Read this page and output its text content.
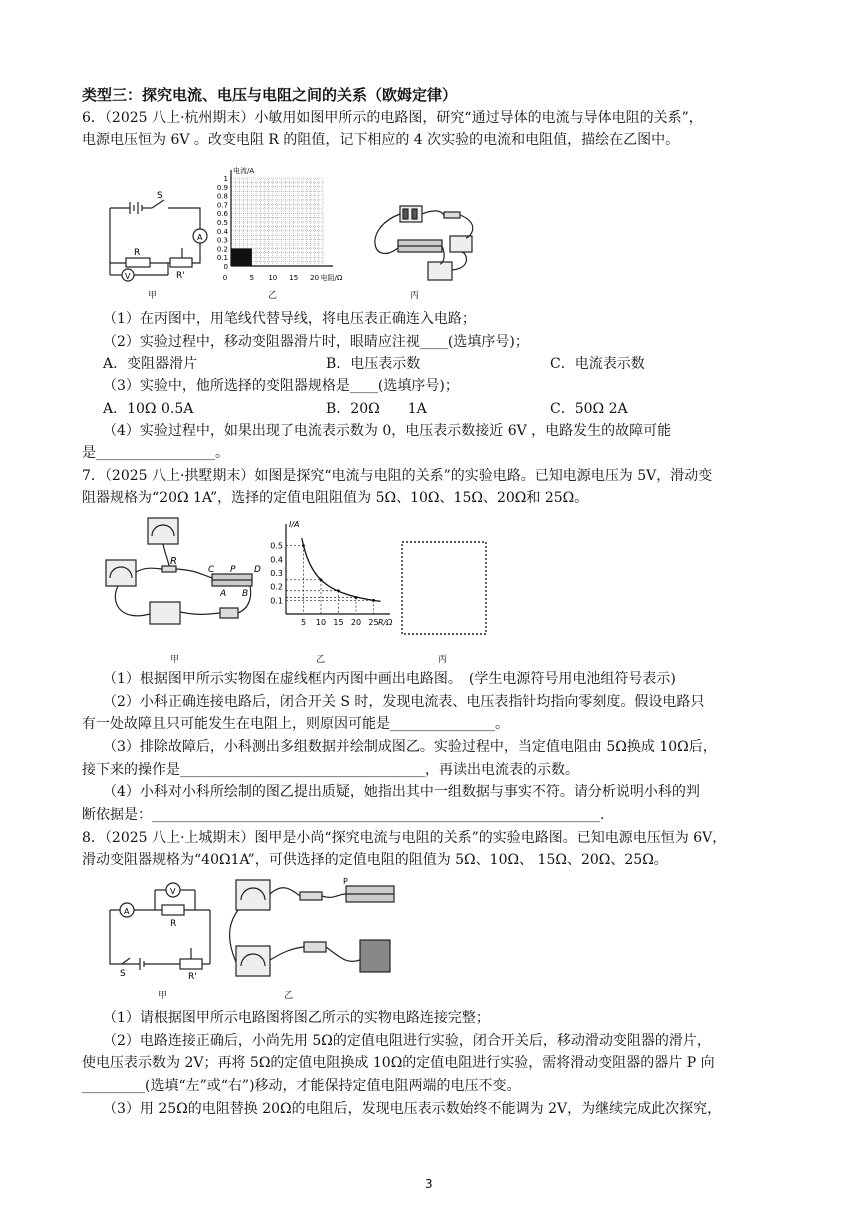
类型三：探究电流、电压与电阻之间的关系（欧姆定律）
6．（2025 八上·杭州期末）小敏用如图甲所示的电路图，研究“通过导体的电流与导体电阻的关系”，
电源电压恒为 6V 。改变电阻 R 的阻值，记下相应的 4 次实验的电流和电阻值，描绘在乙图中。
A
V
S
R
R'
甲
1
0.9
0.8
0.7
0.6
0.5
0.4
0.3
0.2
0.1
0
0	5 10 15 20
电流/A
电阻/Ω
乙	丙
（1）在丙图中，用笔线代替导线，将电压表正确连入电路；
（2）实验过程中，移动变阻器滑片时，眼睛应注视____(选填序号)；
A．变阻器滑片	B．电压表示数	C．电流表示数
（3）实验中，他所选择的变阻器规格是____(选填序号)；
A．10Ω 0.5A	B．20Ω　　1A	C．50Ω 2A
（4）实验过程中，如果出现了电流表示数为 0，电压表示数接近 6V ，电路发生的故障可能
是_________________。
7．（2025 八上·拱墅期末）如图是探究“电流与电阻的关系”的实验电路。已知电源电压为 5V，滑动变
阻器规格为“20Ω 1A”，选择的定值电阻阻值为 5Ω、10Ω、15Ω、20Ω和 25Ω。
R
C P D
A B
甲
0.5
0.4
0.3
0.2
0.1
5 10 15 20 25
I/A
R/Ω
乙	丙
（1）根据图甲所示实物图在虚线框内丙图中画出电路图。　(学生电源符号用电池组符号表示)
（2）小科正确连接电路后，闭合开关 S 时，发现电流表、电压表指针均指向零刻度。假设电路只
有一处故障且只可能发生在电阻上，则原因可能是_______________。
（3）排除故障后，小科测出多组数据并绘制成图乙。实验过程中，当定值电阻由 5Ω换成 10Ω后，
接下来的操作是___________________________________，再读出电流表的示数。
（4）小科对小科所绘制的图乙提出质疑，她指出其中一组数据与事实不符。请分析说明小科的判
断依据是：________________________________________________________________.
8．（2025 八上·上城期末）图甲是小尚“探究电流与电阻的关系”的实验电路图。已知电源电压恒为 6V，
滑动变阻器规格为“40Ω1A”，可供选择的定值电阻的阻值为 5Ω、10Ω、 15Ω、20Ω、25Ω。
A
V
R
S	R'
甲
P
乙
（1）请根据图甲所示电路图将图乙所示的实物电路连接完整；
（2）电路连接正确后，小尚先用 5Ω的定值电阻进行实验，闭合开关后，移动滑动变阻器的滑片，
使电压表示数为 2V；再将 5Ω的定值电阻换成 10Ω的定值电阻进行实验，需将滑动变阻器的器片 P 向
_________(选填“左”或“右”)移动，才能保持定值电阻两端的电压不变。
（3）用 25Ω的电阻替换 20Ω的电阻后，发现电压表示数始终不能调为 2V，为继续完成此次探究，
3
